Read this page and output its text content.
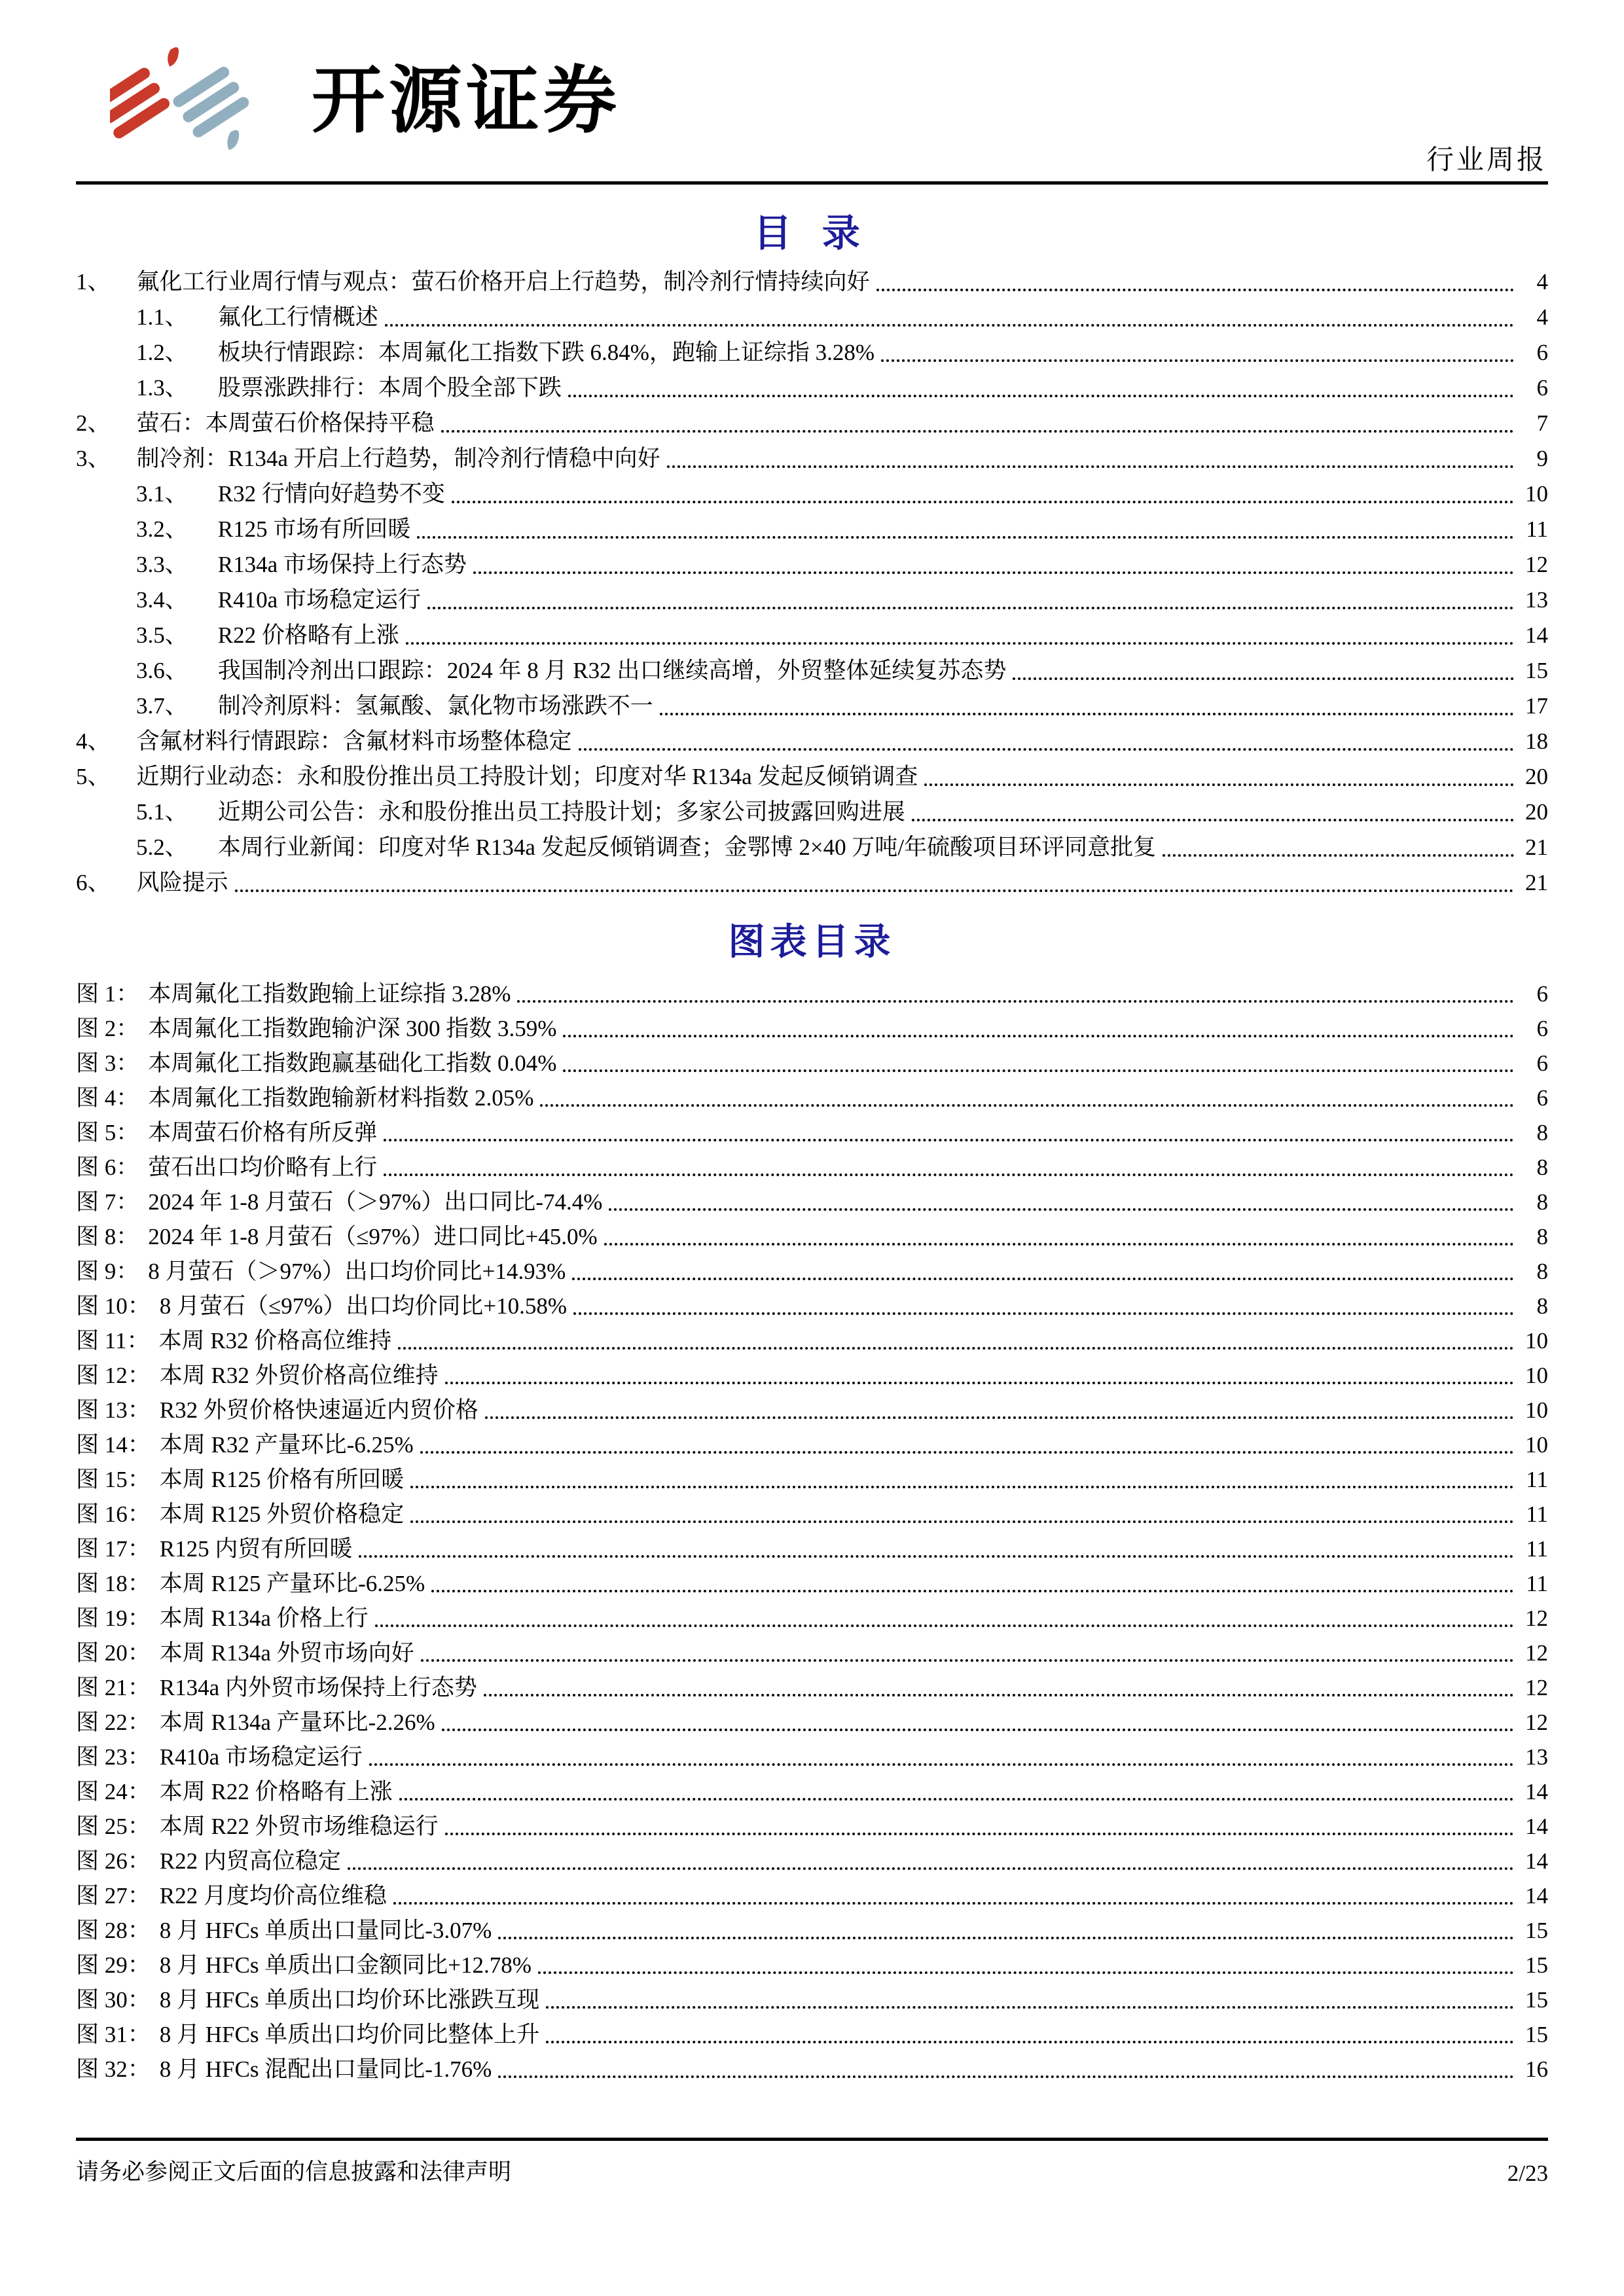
开源证券
行业周报
目 录
1、 氟化工行业周行情与观点：萤石价格开启上行趋势，制冷剂行情持续向好	4
1.1、 氟化工行情概述	4
1.2、 板块行情跟踪：本周氟化工指数下跌 6.84%，跑输上证综指 3.28%	6
1.3、 股票涨跌排行：本周个股全部下跌	6
2、 萤石：本周萤石价格保持平稳	7
3、 制冷剂：R134a 开启上行趋势，制冷剂行情稳中向好	9
3.1、 R32 行情向好趋势不变	10
3.2、 R125 市场有所回暖	11
3.3、 R134a 市场保持上行态势	12
3.4、 R410a 市场稳定运行	13
3.5、 R22 价格略有上涨	14
3.6、 我国制冷剂出口跟踪：2024 年 8 月 R32 出口继续高增，外贸整体延续复苏态势	15
3.7、 制冷剂原料：氢氟酸、氯化物市场涨跌不一	17
4、 含氟材料行情跟踪：含氟材料市场整体稳定	18
5、 近期行业动态：永和股份推出员工持股计划；印度对华 R134a 发起反倾销调查	20
5.1、 近期公司公告：永和股份推出员工持股计划；多家公司披露回购进展	20
5.2、 本周行业新闻：印度对华 R134a 发起反倾销调查；金鄂博 2×40 万吨/年硫酸项目环评同意批复	21
6、 风险提示	21
图表目录
图 1： 本周氟化工指数跑输上证综指 3.28%	6
图 2： 本周氟化工指数跑输沪深 300 指数 3.59%	6
图 3： 本周氟化工指数跑赢基础化工指数 0.04%	6
图 4： 本周氟化工指数跑输新材料指数 2.05%	6
图 5： 本周萤石价格有所反弹	8
图 6： 萤石出口均价略有上行	8
图 7： 2024 年 1-8 月萤石（＞97%）出口同比-74.4%	8
图 8： 2024 年 1-8 月萤石（≤97%）进口同比+45.0%	8
图 9： 8 月萤石（＞97%）出口均价同比+14.93%	8
图 10： 8 月萤石（≤97%）出口均价同比+10.58%	8
图 11： 本周 R32 价格高位维持	10
图 12： 本周 R32 外贸价格高位维持	10
图 13： R32 外贸价格快速逼近内贸价格	10
图 14： 本周 R32 产量环比-6.25%	10
图 15： 本周 R125 价格有所回暖	11
图 16： 本周 R125 外贸价格稳定	11
图 17： R125 内贸有所回暖	11
图 18： 本周 R125 产量环比-6.25%	11
图 19： 本周 R134a 价格上行	12
图 20： 本周 R134a 外贸市场向好	12
图 21： R134a 内外贸市场保持上行态势	12
图 22： 本周 R134a 产量环比-2.26%	12
图 23： R410a 市场稳定运行	13
图 24： 本周 R22 价格略有上涨	14
图 25： 本周 R22 外贸市场维稳运行	14
图 26： R22 内贸高位稳定	14
图 27： R22 月度均价高位维稳	14
图 28： 8 月 HFCs 单质出口量同比-3.07%	15
图 29： 8 月 HFCs 单质出口金额同比+12.78%	15
图 30： 8 月 HFCs 单质出口均价环比涨跌互现	15
图 31： 8 月 HFCs 单质出口均价同比整体上升	15
图 32： 8 月 HFCs 混配出口量同比-1.76%	16
请务必参阅正文后面的信息披露和法律声明	2/23
